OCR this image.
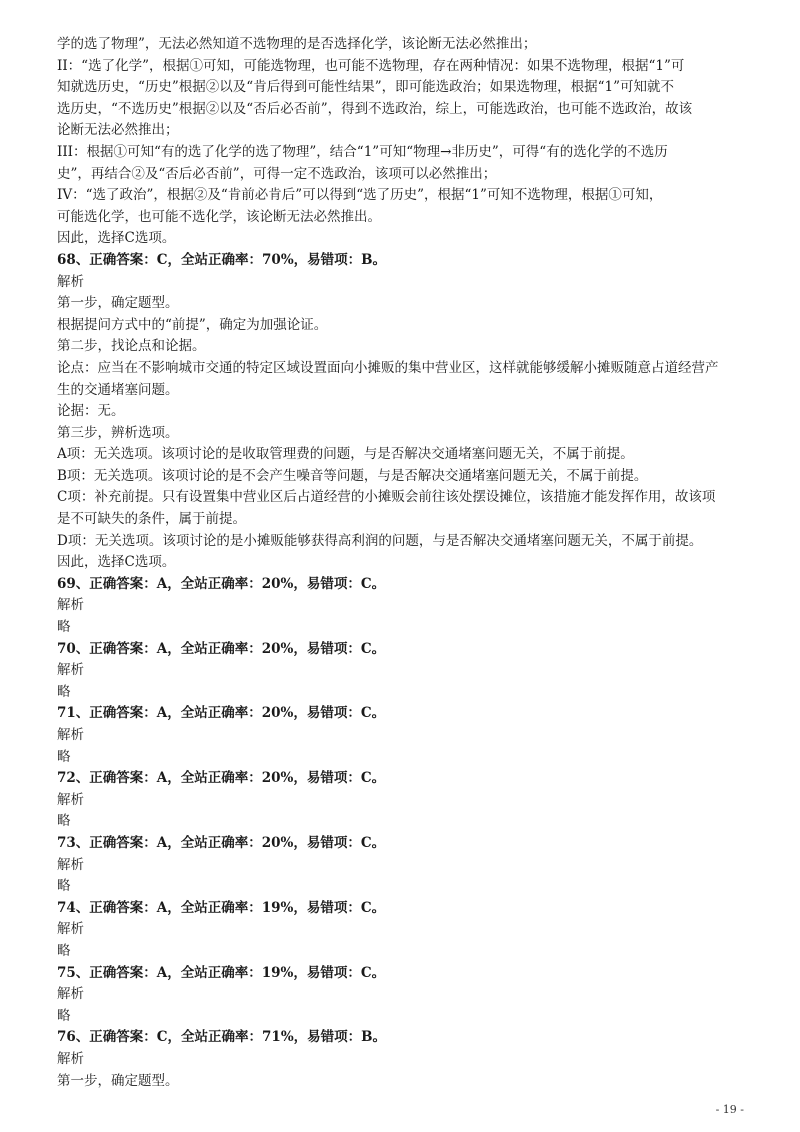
学的选了物理”，无法必然知道不选物理的是否选择化学，该论断无法必然推出；
II：“选了化学”，根据①可知，可能选物理，也可能不选物理，存在两种情况：如果不选物理，根据“1”可
知就选历史，“历史”根据②以及“肯后得到可能性结果”，即可能选政治；如果选物理，根据“1”可知就不
选历史，“不选历史”根据②以及“否后必否前”，得到不选政治，综上，可能选政治，也可能不选政治，故该
论断无法必然推出；
III：根据①可知“有的选了化学的选了物理”，结合“1”可知“物理→非历史”，可得“有的选化学的不选历
史”，再结合②及“否后必否前”，可得一定不选政治，该项可以必然推出；
IV：“选了政治”，根据②及“肯前必肯后”可以得到“选了历史”，根据“1”可知不选物理，根据①可知，
可能选化学，也可能不选化学，该论断无法必然推出。
因此，选择C选项。
68、正确答案：C，全站正确率：70%，易错项：B。
解析
第一步，确定题型。
根据提问方式中的“前提”，确定为加强论证。
第二步，找论点和论据。
论点：应当在不影响城市交通的特定区域设置面向小摊贩的集中营业区，这样就能够缓解小摊贩随意占道经营产
生的交通堵塞问题。
论据：无。
第三步，辨析选项。
A项：无关选项。该项讨论的是收取管理费的问题，与是否解决交通堵塞问题无关，不属于前提。
B项：无关选项。该项讨论的是不会产生噪音等问题，与是否解决交通堵塞问题无关，不属于前提。
C项：补充前提。只有设置集中营业区后占道经营的小摊贩会前往该处摆设摊位，该措施才能发挥作用，故该项
是不可缺失的条件，属于前提。
D项：无关选项。该项讨论的是小摊贩能够获得高利润的问题，与是否解决交通堵塞问题无关，不属于前提。
因此，选择C选项。
69、正确答案：A，全站正确率：20%，易错项：C。
解析
略
70、正确答案：A，全站正确率：20%，易错项：C。
解析
略
71、正确答案：A，全站正确率：20%，易错项：C。
解析
略
72、正确答案：A，全站正确率：20%，易错项：C。
解析
略
73、正确答案：A，全站正确率：20%，易错项：C。
解析
略
74、正确答案：A，全站正确率：19%，易错项：C。
解析
略
75、正确答案：A，全站正确率：19%，易错项：C。
解析
略
76、正确答案：C，全站正确率：71%，易错项：B。
解析
第一步，确定题型。
- 19 -
